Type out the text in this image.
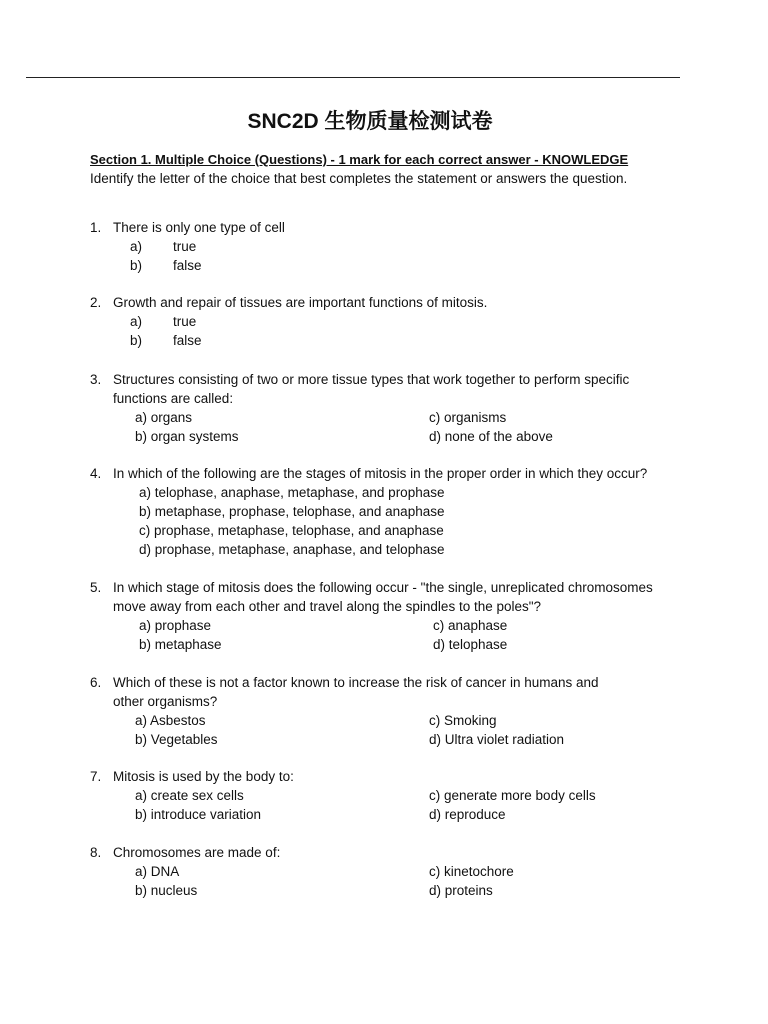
SNC2D 生物质量检测试卷
Section 1. Multiple Choice (Questions) - 1 mark for each correct answer - KNOWLEDGE
Identify the letter of the choice that best completes the statement or answers the question.
1. There is only one type of cell
a) true
b) false
2. Growth and repair of tissues are important functions of mitosis.
a) true
b) false
3. Structures consisting of two or more tissue types that work together to perform specific
functions are called:
a) organs	c) organisms
b) organ systems	d) none of the above
4. In which of the following are the stages of mitosis in the proper order in which they occur?
a) telophase, anaphase, metaphase, and prophase
b) metaphase, prophase, telophase, and anaphase
c) prophase, metaphase, telophase, and anaphase
d) prophase, metaphase, anaphase, and telophase
5. In which stage of mitosis does the following occur - "the single, unreplicated chromosomes
move away from each other and travel along the spindles to the poles"?
a) prophase	c) anaphase
b) metaphase	d) telophase
6. Which of these is not a factor known to increase the risk of cancer in humans and
other organisms?
a) Asbestos	c) Smoking
b) Vegetables	d) Ultra violet radiation
7. Mitosis is used by the body to:
a) create sex cells	c) generate more body cells
b) introduce variation	d) reproduce
8. Chromosomes are made of:
a) DNA	c) kinetochore
b) nucleus	d) proteins
